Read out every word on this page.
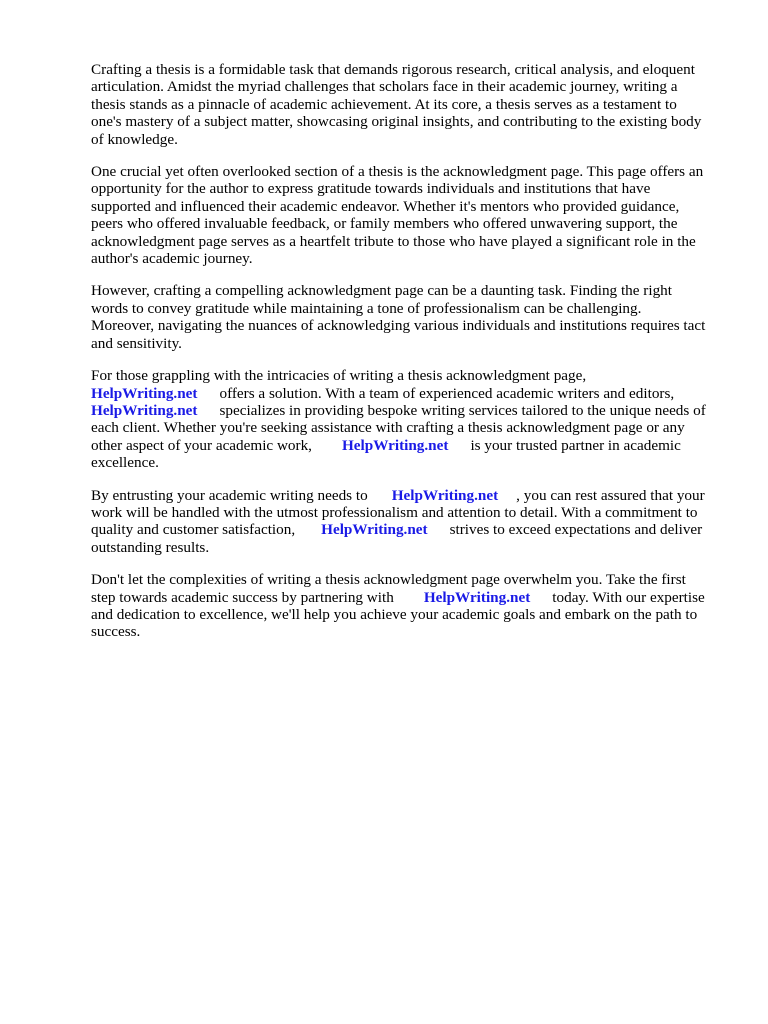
Crafting a thesis is a formidable task that demands rigorous research, critical analysis, and eloquent
articulation. Amidst the myriad challenges that scholars face in their academic journey, writing a
thesis stands as a pinnacle of academic achievement. At its core, a thesis serves as a testament to
one's mastery of a subject matter, showcasing original insights, and contributing to the existing body
of knowledge.

One crucial yet often overlooked section of a thesis is the acknowledgment page. This page offers an
opportunity for the author to express gratitude towards individuals and institutions that have
supported and influenced their academic endeavor. Whether it's mentors who provided guidance,
peers who offered invaluable feedback, or family members who offered unwavering support, the
acknowledgment page serves as a heartfelt tribute to those who have played a significant role in the
author's academic journey.

However, crafting a compelling acknowledgment page can be a daunting task. Finding the right
words to convey gratitude while maintaining a tone of professionalism can be challenging.
Moreover, navigating the nuances of acknowledging various individuals and institutions requires tact
and sensitivity.

For those grappling with the intricacies of writing a thesis acknowledgment page,
HelpWriting.net offers a solution. With a team of experienced academic writers and editors,
HelpWriting.net specializes in providing bespoke writing services tailored to the unique needs of
each client. Whether you're seeking assistance with crafting a thesis acknowledgment page or any
other aspect of your academic work, HelpWriting.net is your trusted partner in academic
excellence.

By entrusting your academic writing needs to HelpWriting.net , you can rest assured that your
work will be handled with the utmost professionalism and attention to detail. With a commitment to
quality and customer satisfaction, HelpWriting.net strives to exceed expectations and deliver
outstanding results.

Don't let the complexities of writing a thesis acknowledgment page overwhelm you. Take the first
step towards academic success by partnering with HelpWriting.net today. With our expertise
and dedication to excellence, we'll help you achieve your academic goals and embark on the path to
success.
